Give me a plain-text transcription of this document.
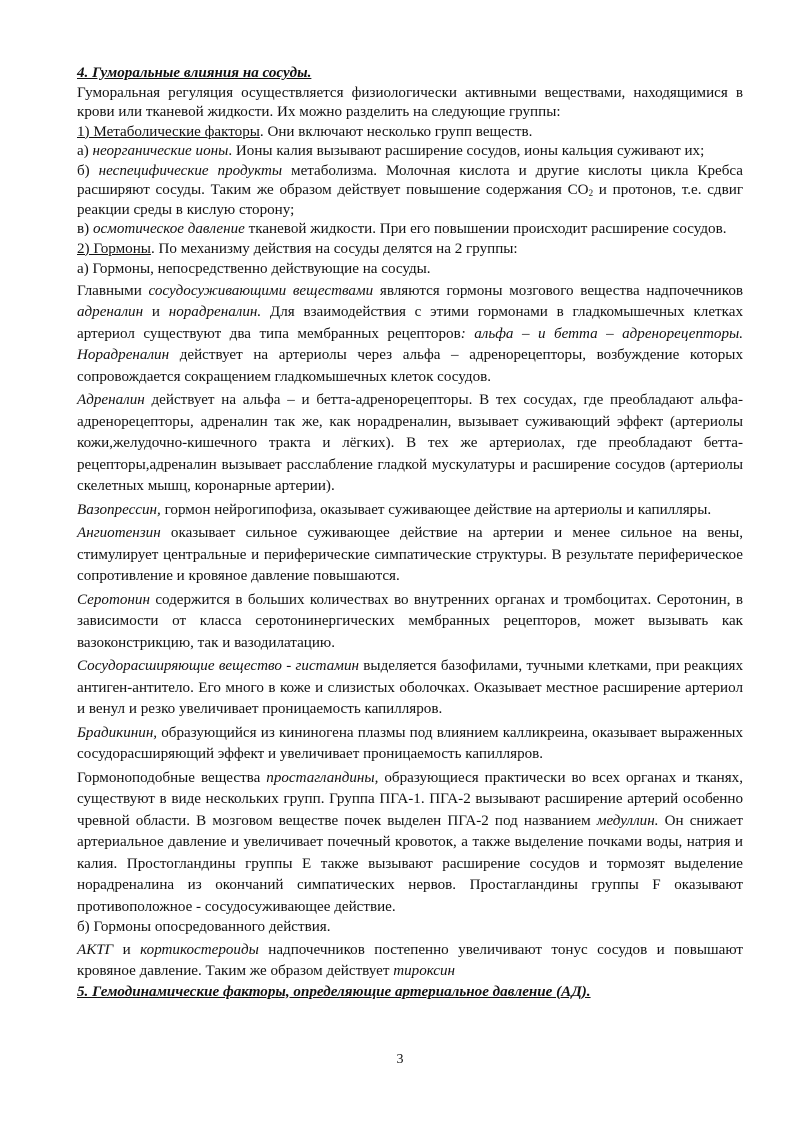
4. Гуморальные влияния на сосуды.

Гуморальная регуляция осуществляется физиологически активными веществами, находящимися в крови или тканевой жидкости. Их можно разделить на следующие группы:

1) Метаболические факторы. Они включают несколько групп веществ.

а) неорганические ионы. Ионы калия вызывают расширение сосудов, ионы кальция суживают их;

б) неспецифические продукты метаболизма. Молочная кислота и другие кислоты цикла Кребса расширяют сосуды. Таким же образом действует повышение содержания $CO_2$ и протонов, т.е. сдвиг реакции среды в кислую сторону;

в) осмотическое давление тканевой жидкости. При его повышении происходит расширение сосудов.

2) Гормоны. По механизму действия на сосуды делятся на 2 группы:

а) Гормоны, непосредственно действующие на сосуды.

Главными сосудосуживающими веществами являются гормоны мозгового вещества надпочечников адреналин и норадреналин. Для взаимодействия с этими гормонами в гладкомышечных клетках артериол существуют два типа мембранных рецепторов: альфа – и бетта – адренорецепторы. Норадреналин действует на артериолы через альфа – адренорецепторы, возбуждение которых сопровождается сокращением гладкомышечных клеток сосудов.

Адреналин действует на альфа – и бетта-адренорецепторы. В тех сосудах, где преобладают альфа-адренорецепторы, адреналин так же, как норадреналин, вызывает суживающий эффект (артериолы кожи,желудочно-кишечного тракта и лёгких). В тех же артериолах, где преобладают бетта-рецепторы,адреналин вызывает расслабление гладкой мускулатуры и расширение сосудов (артериолы скелетных мышц, коронарные артерии).

Вазопрессин, гормон нейрогипофиза, оказывает суживающее действие на артериолы и капилляры.

Ангиотензин оказывает сильное суживающее действие на артерии и менее сильное на вены, стимулирует центральные и периферические симпатические структуры. В результате периферическое сопротивление и кровяное давление повышаются.

Серотонин содержится в больших количествах во внутренних органах и тромбоцитах. Серотонин, в зависимости от класса серотонинергических мембранных рецепторов, может вызывать как вазоконстрикцию, так и вазодилатацию.

Сосудорасширяющие вещество - гистамин выделяется базофилами, тучными клетками, при реакциях антиген-антитело. Его много в коже и слизистых оболочках. Оказывает местное расширение артериол и венул и резко увеличивает проницаемость капилляров.

Брадикинин, образующийся из кининогена плазмы под влиянием калликреина, оказывает выраженных сосудорасширяющий эффект и увеличивает проницаемость капилляров.

Гормоноподобные вещества простагландины, образующиеся практически во всех органах и тканях, существуют в виде нескольких групп. Группа ПГА-1. ПГА-2 вызывают расширение артерий особенно чревной области. В мозговом веществе почек выделен ПГА-2 под названием медуллин. Он снижает артериальное давление и увеличивает почечный кровоток, а также выделение почками воды, натрия и калия. Простогландины группы Е также вызывают расширение сосудов и тормозят выделение норадреналина из окончаний симпатических нервов. Простагландины группы F оказывают противоположное - сосудосуживающее действие.

б) Гормоны опосредованного действия.

АКТГ и кортикостероиды надпочечников постепенно увеличивают тонус сосудов и повышают кровяное давление. Таким же образом действует тироксин

5. Гемодинамические факторы, определяющие артериальное давление (АД).

3
